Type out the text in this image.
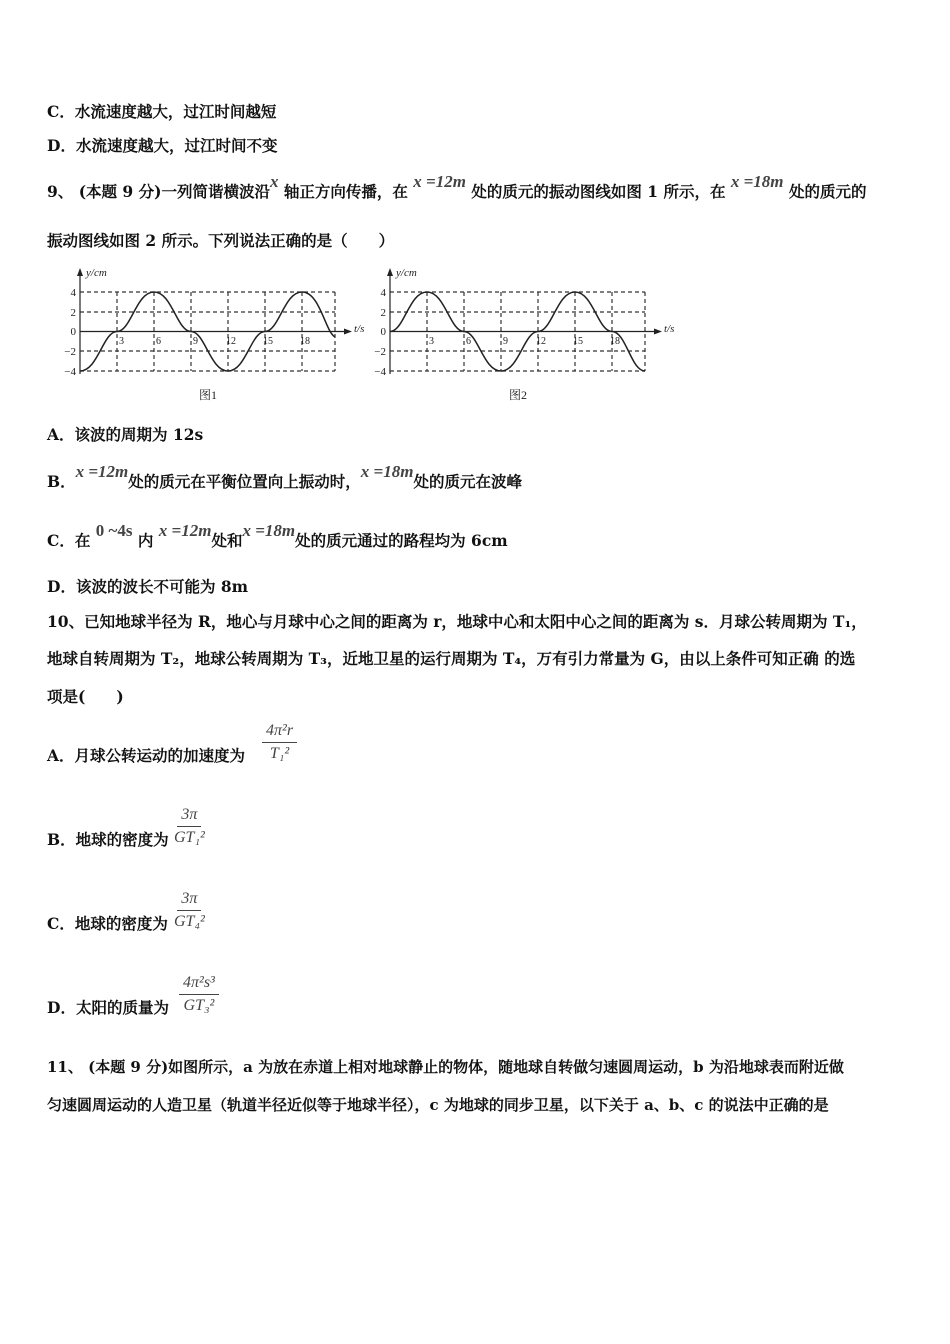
C．水流速度越大，过江时间越短
D．水流速度越大，过江时间不变
9、 (本题 9 分)一列简谐横波沿x 轴正方向传播，在 x =12m 处的质元的振动图线如图 1 所示，在 x =18m 处的质元的
振动图线如图 2 所示。下列说法正确的是（　　）
y/cm
t/s
4
2
0
−2
−4
3	6	9	12	15	18
图1
y/cm
t/s
4
2
0
−2
−4
3	6	9	12	15	18
图2
A．该波的周期为 12s
B．x =12m处的质元在平衡位置向上振动时，x =18m处的质元在波峰
C．在 0 ~4s 内 x =12m处和x =18m处的质元通过的路程均为 6cm
D．该波的波长不可能为 8m
10、已知地球半径为 R，地心与月球中心之间的距离为 r，地球中心和太阳中心之间的距离为 s．月球公转周期为 T₁，
地球自转周期为 T₂，地球公转周期为 T₃，近地卫星的运行周期为 T₄，万有引力常量为 G，由以上条件可知正确 的选
项是(　　)
A．月球公转运动的加速度为 $\frac{\text{4π²r}}{\text{T₁²}}$
B．地球的密度为 $\frac{3\pi}{\text{GT₁²}}$
C．地球的密度为 $\frac{3\pi}{\text{GT₄²}}$
D．太阳的质量为 $\frac{\text{4π²s³}}{\text{GT₃²}}$
11、 (本题 9 分)如图所示，a 为放在赤道上相对地球静止的物体，随地球自转做匀速圆周运动，b 为沿地球表而附近做
匀速圆周运动的人造卫星（轨道半径近似等于地球半径），c 为地球的同步卫星，以下关于 a、b、c 的说法中正确的是
